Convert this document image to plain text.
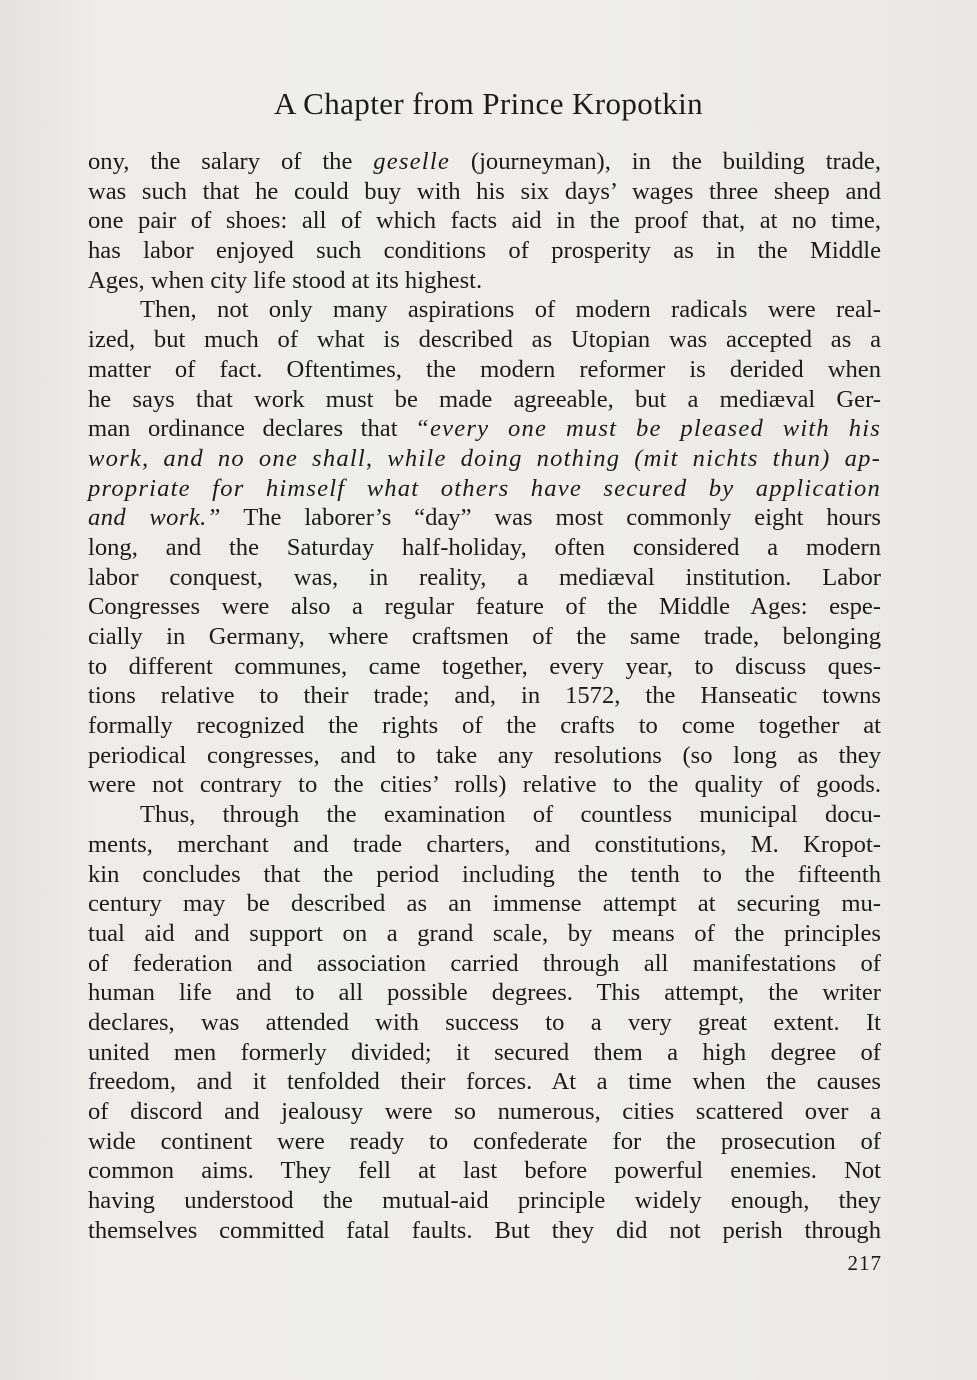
A Chapter from Prince Kropotkin
ony, the salary of the geselle (journeyman), in the building trade,
was such that he could buy with his six days’ wages three sheep and
one pair of shoes: all of which facts aid in the proof that, at no time,
has labor enjoyed such conditions of prosperity as in the Middle
Ages, when city life stood at its highest.
Then, not only many aspirations of modern radicals were real-
ized, but much of what is described as Utopian was accepted as a
matter of fact. Oftentimes, the modern reformer is derided when
he says that work must be made agreeable, but a mediæval Ger-
man ordinance declares that “every one must be pleased with his
work, and no one shall, while doing nothing (mit nichts thun) ap-
propriate for himself what others have secured by application
and work.” The laborer’s “day” was most commonly eight hours
long, and the Saturday half-holiday, often considered a modern
labor conquest, was, in reality, a mediæval institution. Labor
Congresses were also a regular feature of the Middle Ages: espe-
cially in Germany, where craftsmen of the same trade, belonging
to different communes, came together, every year, to discuss ques-
tions relative to their trade; and, in 1572, the Hanseatic towns
formally recognized the rights of the crafts to come together at
periodical congresses, and to take any resolutions (so long as they
were not contrary to the cities’ rolls) relative to the quality of goods.
Thus, through the examination of countless municipal docu-
ments, merchant and trade charters, and constitutions, M. Kropot-
kin concludes that the period including the tenth to the fifteenth
century may be described as an immense attempt at securing mu-
tual aid and support on a grand scale, by means of the principles
of federation and association carried through all manifestations of
human life and to all possible degrees. This attempt, the writer
declares, was attended with success to a very great extent. It
united men formerly divided; it secured them a high degree of
freedom, and it tenfolded their forces. At a time when the causes
of discord and jealousy were so numerous, cities scattered over a
wide continent were ready to confederate for the prosecution of
common aims. They fell at last before powerful enemies. Not
having understood the mutual-aid principle widely enough, they
themselves committed fatal faults. But they did not perish through
217
